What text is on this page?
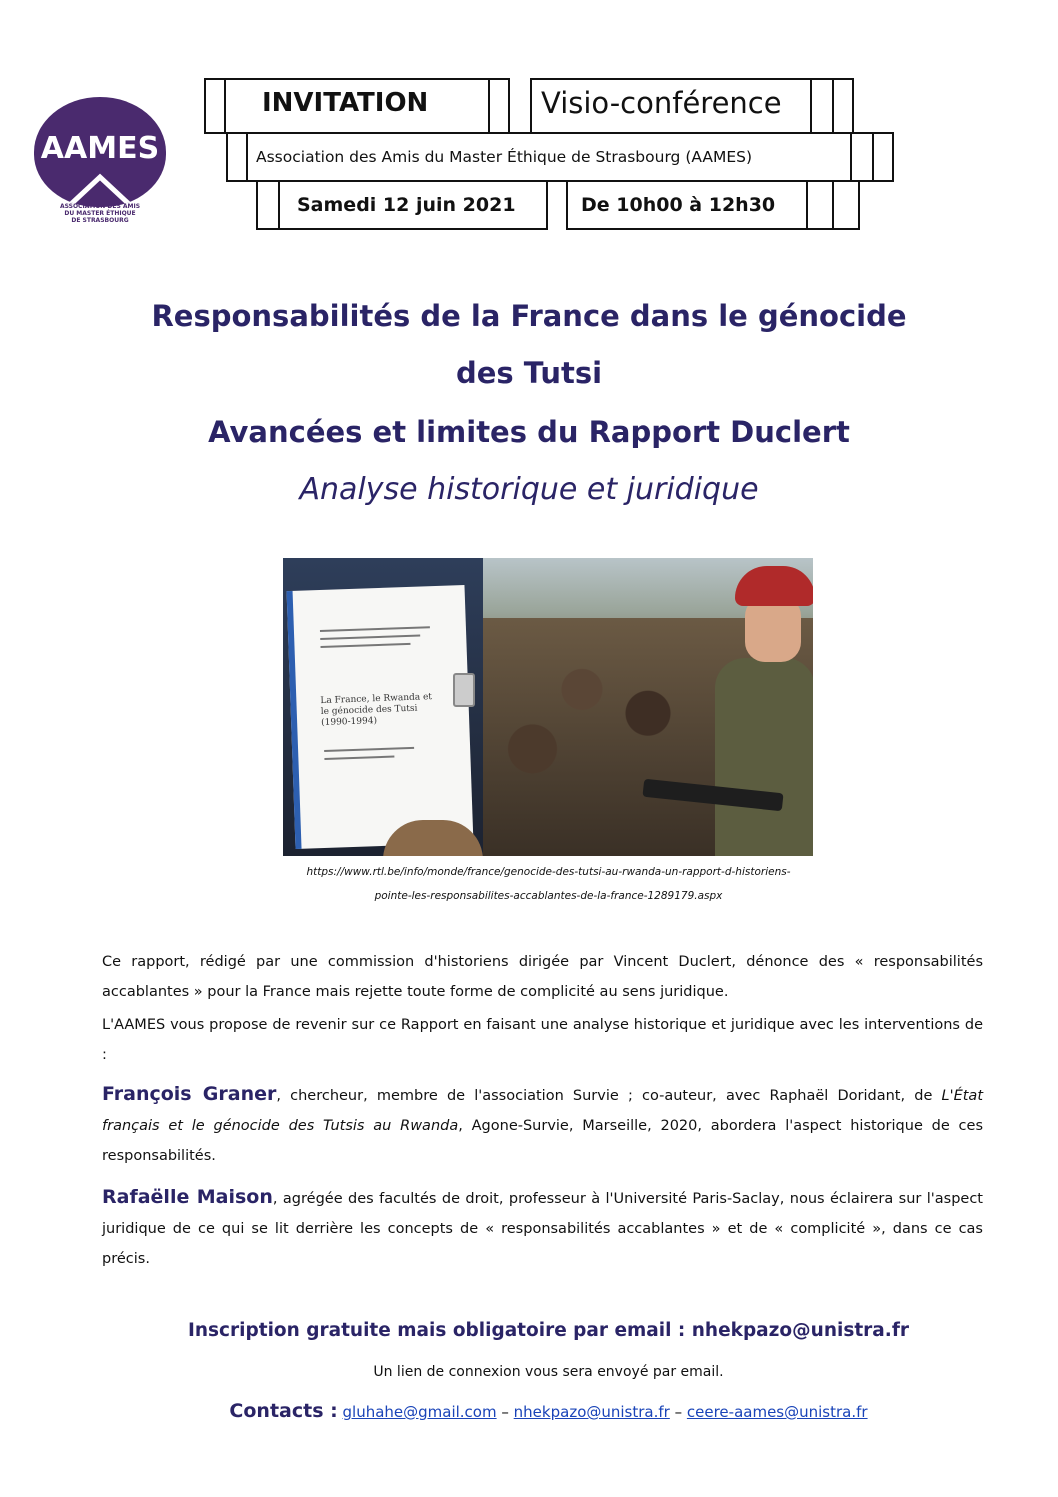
AAMES
ASSOCIATION DES AMIS
DU MASTER ÉTHIQUE
DE STRASBOURG
INVITATION	Visio-conférence
Association des Amis du Master Éthique de Strasbourg (AAMES)
Samedi 12 juin 2021	De 10h00 à 12h30
Responsabilités de la France dans le génocide
des Tutsi
Avancées et limites du Rapport Duclert
Analyse historique et juridique
La France, le Rwanda et le génocide des Tutsi (1990-1994)
https://www.rtl.be/info/monde/france/genocide-des-tutsi-au-rwanda-un-rapport-d-historiens-
pointe-les-responsabilites-accablantes-de-la-france-1289179.aspx
Ce rapport, rédigé par une commission d'historiens dirigée par Vincent Duclert, dénonce des « responsabilités accablantes » pour la France mais rejette toute forme de complicité au sens juridique.
L'AAMES vous propose de revenir sur ce Rapport en faisant une analyse historique et juridique avec les interventions de :
François Graner, chercheur, membre de l'association Survie ; co-auteur, avec Raphaël Doridant, de L'État français et le génocide des Tutsis au Rwanda, Agone-Survie, Marseille, 2020, abordera l'aspect historique de ces responsabilités.
Rafaëlle Maison, agrégée des facultés de droit, professeur à l'Université Paris-Saclay, nous éclairera sur l'aspect juridique de ce qui se lit derrière les concepts de « responsabilités accablantes » et de « complicité », dans ce cas précis.
Inscription gratuite mais obligatoire par email : nhekpazo@unistra.fr
Un lien de connexion vous sera envoyé par email.
Contacts : gluhahe@gmail.com – nhekpazo@unistra.fr – ceere-aames@unistra.fr
